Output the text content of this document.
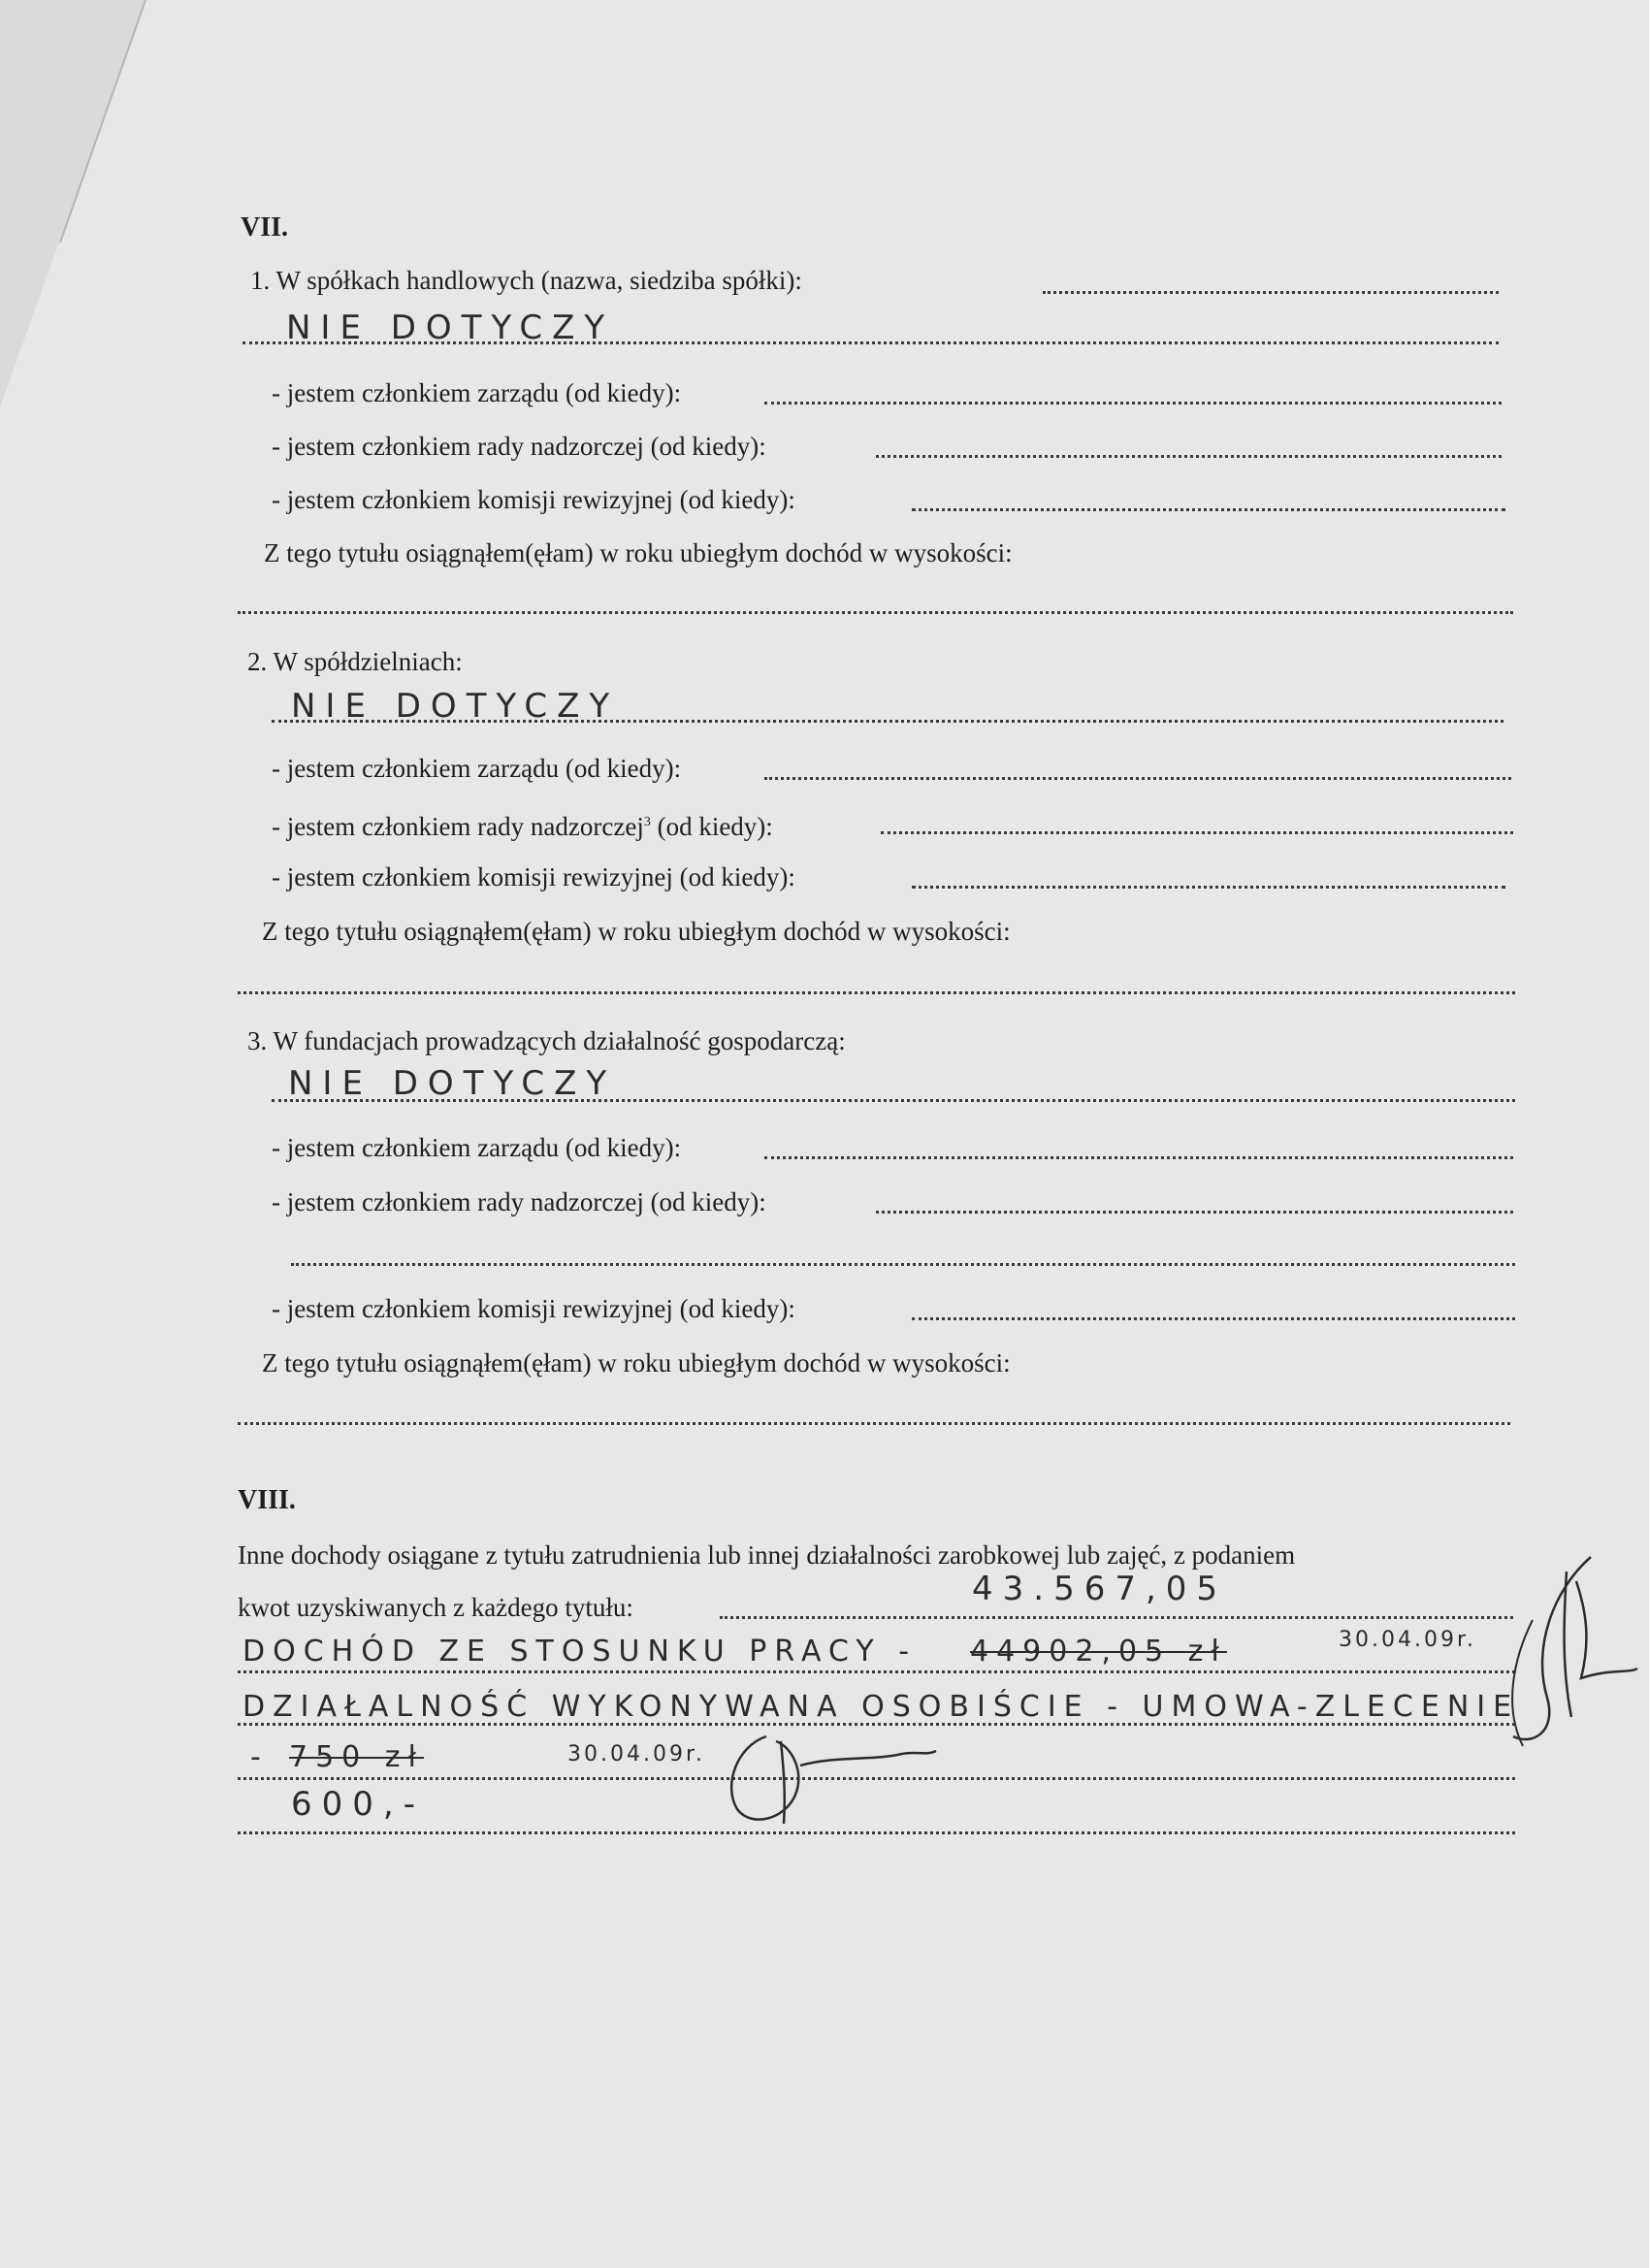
VII.
1. W spółkach handlowych (nazwa, siedziba spółki):
NIE DOTYCZY
- jestem członkiem zarządu (od kiedy):
- jestem członkiem rady nadzorczej (od kiedy):
- jestem członkiem komisji rewizyjnej (od kiedy):
Z tego tytułu osiągnąłem(ęłam) w roku ubiegłym dochód w wysokości:
2. W spółdzielniach:
NIE DOTYCZY
- jestem członkiem zarządu (od kiedy):
- jestem członkiem rady nadzorczej$^3$ (od kiedy):
- jestem członkiem komisji rewizyjnej (od kiedy):
Z tego tytułu osiągnąłem(ęłam) w roku ubiegłym dochód w wysokości:
3. W fundacjach prowadzących działalność gospodarczą:
NIE DOTYCZY
- jestem członkiem zarządu (od kiedy):
- jestem członkiem rady nadzorczej (od kiedy):
- jestem członkiem komisji rewizyjnej (od kiedy):
Z tego tytułu osiągnąłem(ęłam) w roku ubiegłym dochód w wysokości:
VIII.
Inne dochody osiągane z tytułu zatrudnienia lub innej działalności zarobkowej lub zajęć, z podaniem
kwot uzyskiwanych z każdego tytułu:	43.567,05
DOCHÓD ZE STOSUNKU PRACY - 44902,05 zł	30.04.09r.
DZIAŁALNOŚĆ WYKONYWANA OSOBIŚCIE - UMOWA-ZLECENIE
- 750 zł	30.04.09r.
600,-
